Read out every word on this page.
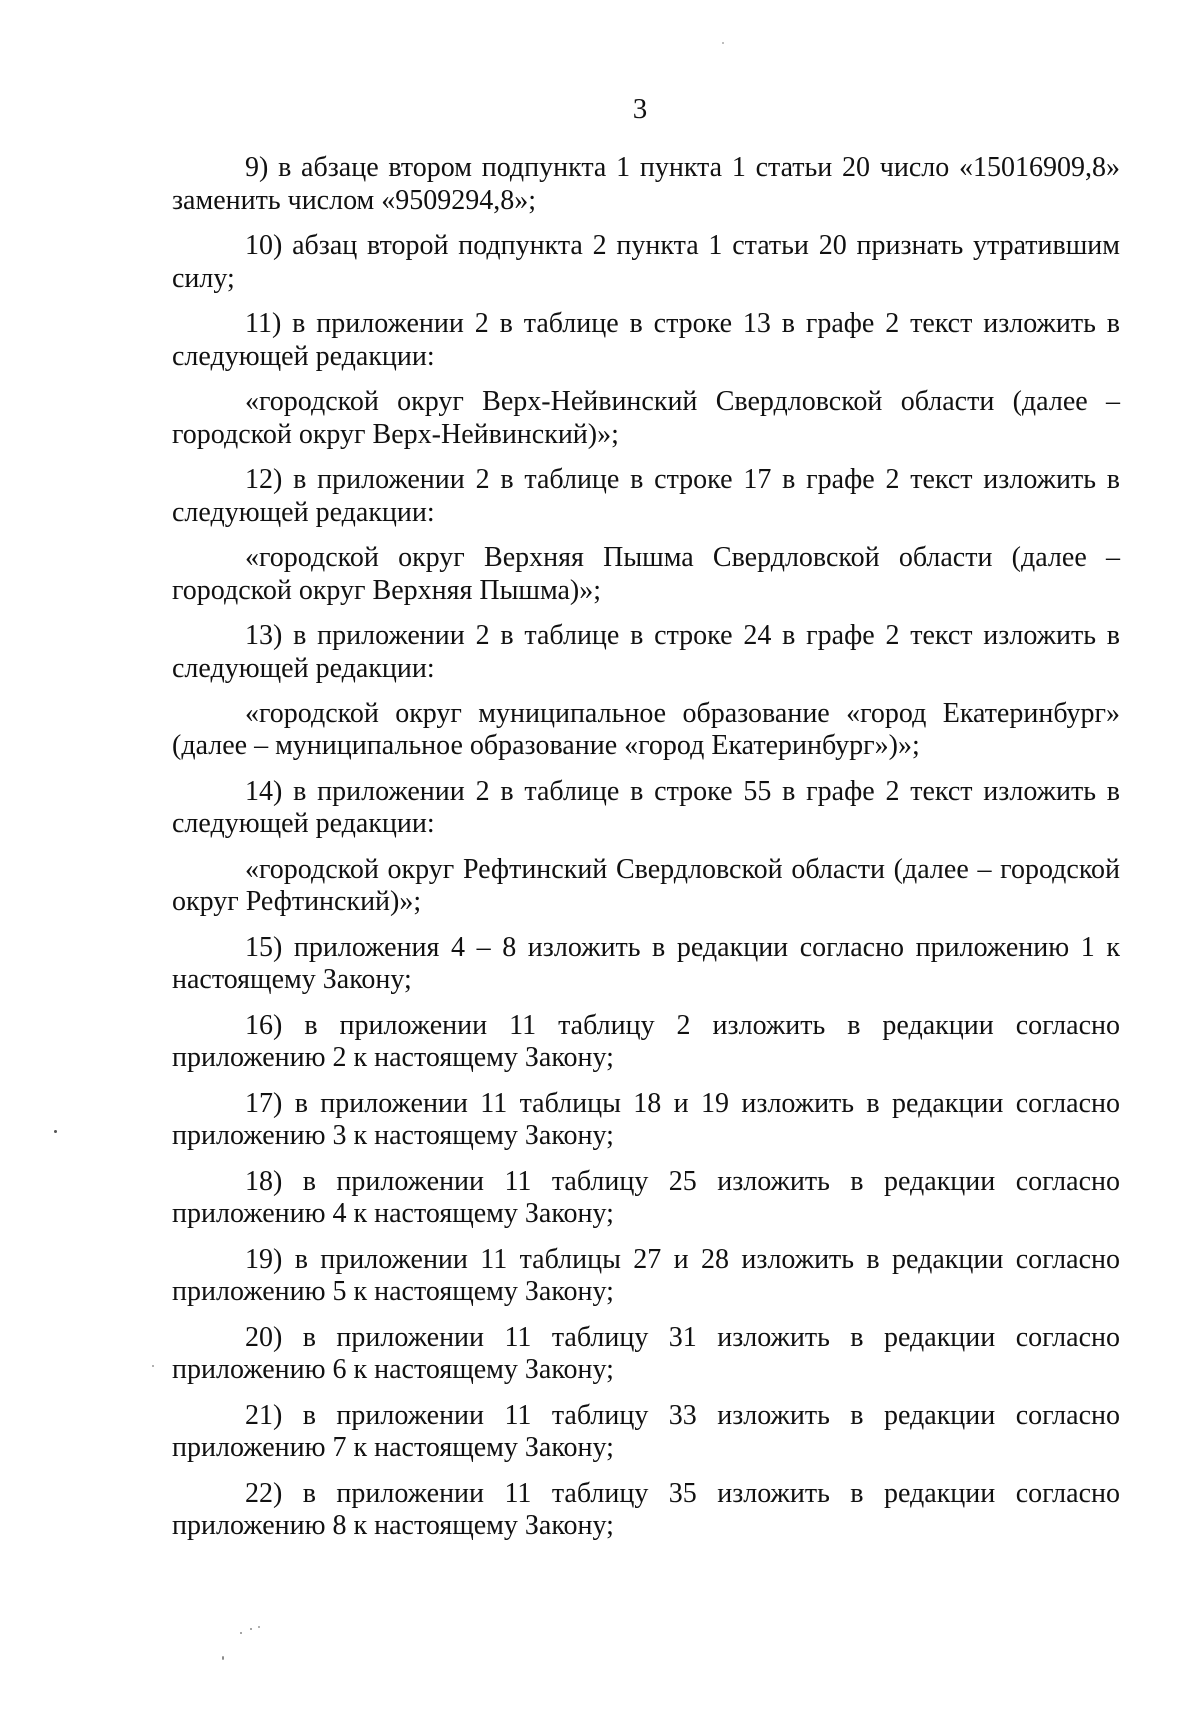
3

9) в абзаце втором подпункта 1 пункта 1 статьи 20 число «15016909,8» заменить числом «9509294,8»;

10) абзац второй подпункта 2 пункта 1 статьи 20 признать утратившим силу;

11) в приложении 2 в таблице в строке 13 в графе 2 текст изложить в следующей редакции:

«городской округ Верх-Нейвинский Свердловской области (далее – городской округ Верх-Нейвинский)»;

12) в приложении 2 в таблице в строке 17 в графе 2 текст изложить в следующей редакции:

«городской округ Верхняя Пышма Свердловской области (далее – городской округ Верхняя Пышма)»;

13) в приложении 2 в таблице в строке 24 в графе 2 текст изложить в следующей редакции:

«городской округ муниципальное образование «город Екатеринбург» (далее – муниципальное образование «город Екатеринбург»)»;

14) в приложении 2 в таблице в строке 55 в графе 2 текст изложить в следующей редакции:

«городской округ Рефтинский Свердловской области (далее – городской округ Рефтинский)»;

15) приложения 4 – 8 изложить в редакции согласно приложению 1 к настоящему Закону;

16) в приложении 11 таблицу 2 изложить в редакции согласно приложению 2 к настоящему Закону;

17) в приложении 11 таблицы 18 и 19 изложить в редакции согласно приложению 3 к настоящему Закону;

18) в приложении 11 таблицу 25 изложить в редакции согласно приложению 4 к настоящему Закону;

19) в приложении 11 таблицы 27 и 28 изложить в редакции согласно приложению 5 к настоящему Закону;

20) в приложении 11 таблицу 31 изложить в редакции согласно приложению 6 к настоящему Закону;

21) в приложении 11 таблицу 33 изложить в редакции согласно приложению 7 к настоящему Закону;

22) в приложении 11 таблицу 35 изложить в редакции согласно приложению 8 к настоящему Закону;
